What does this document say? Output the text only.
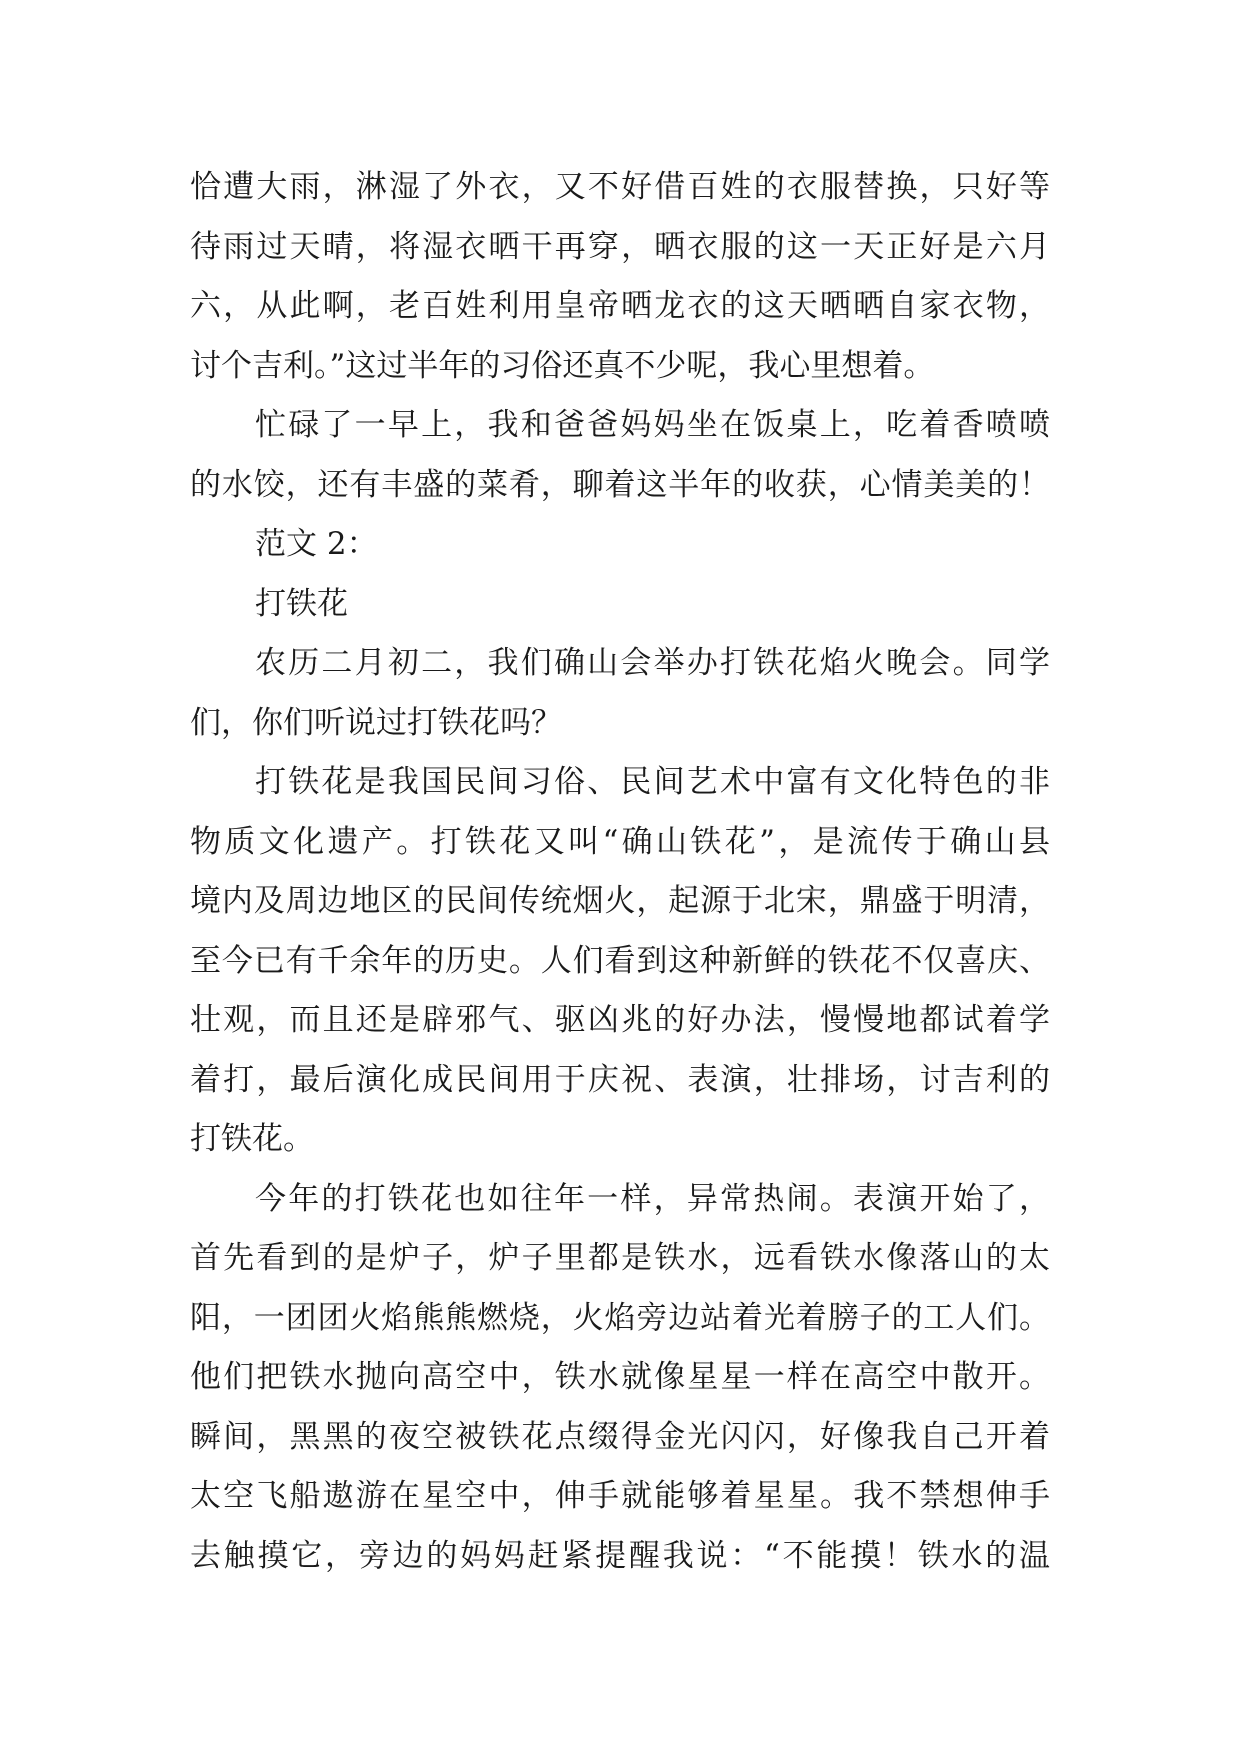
恰遭大雨，淋湿了外衣，又不好借百姓的衣服替换，只好等
待雨过天晴，将湿衣晒干再穿，晒衣服的这一天正好是六月
六，从此啊，老百姓利用皇帝晒龙衣的这天晒晒自家衣物，
讨个吉利。”这过半年的习俗还真不少呢，我心里想着。
忙碌了一早上，我和爸爸妈妈坐在饭桌上，吃着香喷喷
的水饺，还有丰盛的菜肴，聊着这半年的收获，心情美美的！
范文 2：
打铁花
农历二月初二，我们确山会举办打铁花焰火晚会。同学
们，你们听说过打铁花吗？
打铁花是我国民间习俗、民间艺术中富有文化特色的非
物质文化遗产。打铁花又叫“确山铁花”，是流传于确山县
境内及周边地区的民间传统烟火，起源于北宋，鼎盛于明清，
至今已有千余年的历史。人们看到这种新鲜的铁花不仅喜庆、
壮观，而且还是辟邪气、驱凶兆的好办法，慢慢地都试着学
着打，最后演化成民间用于庆祝、表演，壮排场，讨吉利的
打铁花。
今年的打铁花也如往年一样，异常热闹。表演开始了，
首先看到的是炉子，炉子里都是铁水，远看铁水像落山的太
阳，一团团火焰熊熊燃烧，火焰旁边站着光着膀子的工人们。
他们把铁水抛向高空中，铁水就像星星一样在高空中散开。
瞬间，黑黑的夜空被铁花点缀得金光闪闪，好像我自己开着
太空飞船遨游在星空中，伸手就能够着星星。我不禁想伸手
去触摸它，旁边的妈妈赶紧提醒我说：“不能摸！铁水的温
